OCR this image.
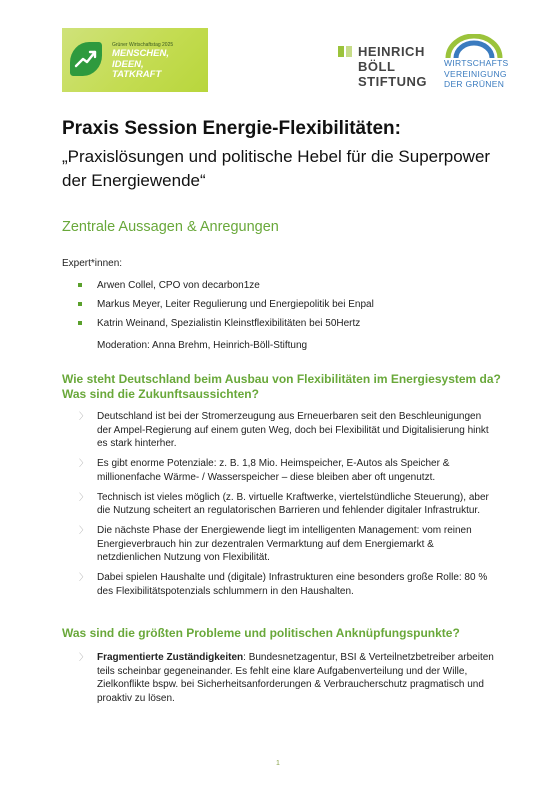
Grüner Wirtschaftstag 2025
MENSCHEN,
IDEEN,
TATKRAFT
HEINRICH
BÖLL
STIFTUNG
WIRTSCHAFTS
VEREINIGUNG
DER GRÜNEN
Praxis Session Energie-Flexibilitäten:
„Praxislösungen und politische Hebel für die Superpower der Energiewende“
Zentrale Aussagen & Anregungen
Expert*innen:
Arwen Collel, CPO von decarbon1ze
Markus Meyer, Leiter Regulierung und Energiepolitik bei Enpal
Katrin Weinand, Spezialistin Kleinstflexibilitäten bei 50Hertz
Moderation: Anna Brehm, Heinrich-Böll-Stiftung
Wie steht Deutschland beim Ausbau von Flexibilitäten im Energiesystem da? Was sind die Zukunftsaussichten?
〉 Deutschland ist bei der Stromerzeugung aus Erneuerbaren seit den Beschleunigungen der Ampel-Regierung auf einem guten Weg, doch bei Flexibilität und Digitalisierung hinkt es stark hinterher.
〉 Es gibt enorme Potenziale: z. B. 1,8 Mio. Heimspeicher, E-Autos als Speicher & millionenfache Wärme- / Wasserspeicher – diese bleiben aber oft ungenutzt.
〉 Technisch ist vieles möglich (z. B. virtuelle Kraftwerke, viertelstündliche Steuerung), aber die Nutzung scheitert an regulatorischen Barrieren und fehlender digitaler Infrastruktur.
〉 Die nächste Phase der Energiewende liegt im intelligenten Management: vom reinen Energieverbrauch hin zur dezentralen Vermarktung auf dem Energiemarkt & netzdienlichen Nutzung von Flexibilität.
〉 Dabei spielen Haushalte und (digitale) Infrastrukturen eine besonders große Rolle: 80 % des Flexibilitätspotenzials schlummern in den Haushalten.
Was sind die größten Probleme und politischen Anknüpfungspunkte?
〉 Fragmentierte Zuständigkeiten: Bundesnetzagentur, BSI & Verteilnetzbetreiber arbeiten teils scheinbar gegeneinander. Es fehlt eine klare Aufgabenverteilung und der Wille, Zielkonflikte bspw. bei Sicherheitsanforderungen & Verbraucherschutz pragmatisch und proaktiv zu lösen.
1
